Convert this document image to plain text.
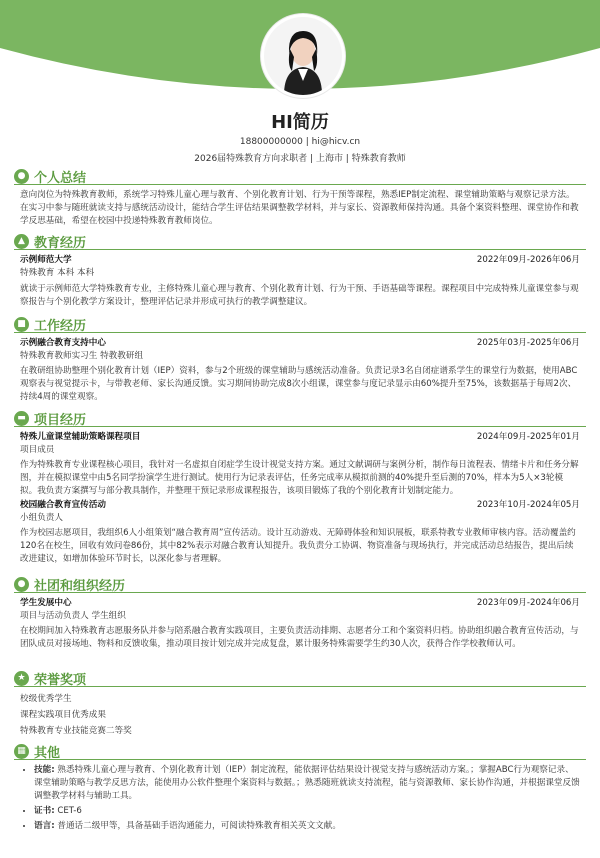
HI简历
18800000000 | hi@hicv.cn
2026届特殊教育方向求职者 | 上海市 | 特殊教育教师
● 个人总结
意向岗位为特殊教育教师，系统学习特殊儿童心理与教育、个别化教育计划、行为干预等课程，熟悉IEP制定流程、课堂辅助策略与观察记录方法。在实习中参与随班就读支持与感统活动设计，能结合学生评估结果调整教学材料，并与家长、资源教师保持沟通。具备个案资料整理、课堂协作和教学反思基础，希望在校园中投递特殊教育教师岗位。
▲ 教育经历
示例师范大学	2022年09月-2026年06月
特殊教育 本科 本科
就读于示例师范大学特殊教育专业，主修特殊儿童心理与教育、个别化教育计划、行为干预、手语基础等课程。课程项目中完成特殊儿童课堂参与观察报告与个别化教学方案设计，整理评估记录并形成可执行的教学调整建议。
■ 工作经历
示例融合教育支持中心	2025年03月-2025年06月
特殊教育教师实习生 特教教研组
在教研组协助整理个别化教育计划（IEP）资料，参与2个班级的课堂辅助与感统活动准备。负责记录3名自闭症谱系学生的课堂行为数据，使用ABC观察表与视觉提示卡，与带教老师、家长沟通反馈。实习期间协助完成8次小组课，课堂参与度记录显示由60%提升至75%，该数据基于每周2次、持续4周的课堂观察。
▬ 项目经历
特殊儿童课堂辅助策略课程项目	2024年09月-2025年01月
项目成员
作为特殊教育专业课程核心项目，我针对一名虚拟自闭症学生设计视觉支持方案。通过文献调研与案例分析，制作每日流程表、情绪卡片和任务分解图，并在模拟课堂中由5名同学扮演学生进行测试。使用行为记录表评估，任务完成率从模拟前测的40%提升至后测的70%，样本为5人×3轮模拟。我负责方案撰写与部分教具制作，并整理干预记录形成课程报告，该项目锻炼了我的个别化教育计划制定能力。
校园融合教育宣传活动	2023年10月-2024年05月
小组负责人
作为校园志愿项目，我组织6人小组策划“融合教育周”宣传活动。设计互动游戏、无障碍体验和知识展板，联系特教专业教师审核内容。活动覆盖约120名在校生，回收有效问卷86份，其中82%表示对融合教育认知提升。我负责分工协调、物资准备与现场执行，并完成活动总结报告，提出后续改进建议，如增加体验环节时长，以深化参与者理解。
● 社团和组织经历
学生发展中心	2023年09月-2024年06月
项目与活动负责人 学生组织
在校期间加入特殊教育志愿服务队并参与陪系融合教育实践项目，主要负责活动排期、志愿者分工和个案资料归档。协助组织融合教育宣传活动，与团队成员对接场地、物料和反馈收集，推动项目按计划完成并完成复盘，累计服务特殊需要学生约30人次，获得合作学校教师认可。
★ 荣誉奖项
校级优秀学生
课程实践项目优秀成果
特殊教育专业技能竞赛二等奖
▦ 其他
• 技能: 熟悉特殊儿童心理与教育、个别化教育计划（IEP）制定流程，能依据评估结果设计视觉支持与感统活动方案。；掌握ABC行为观察记录、课堂辅助策略与教学反思方法，能使用办公软件整理个案资料与数据。；熟悉随班就读支持流程，能与资源教师、家长协作沟通，并根据课堂反馈调整教学材料与辅助工具。
• 证书: CET-6
• 语言: 普通话二级甲等，具备基础手语沟通能力，可阅读特殊教育相关英文文献。
